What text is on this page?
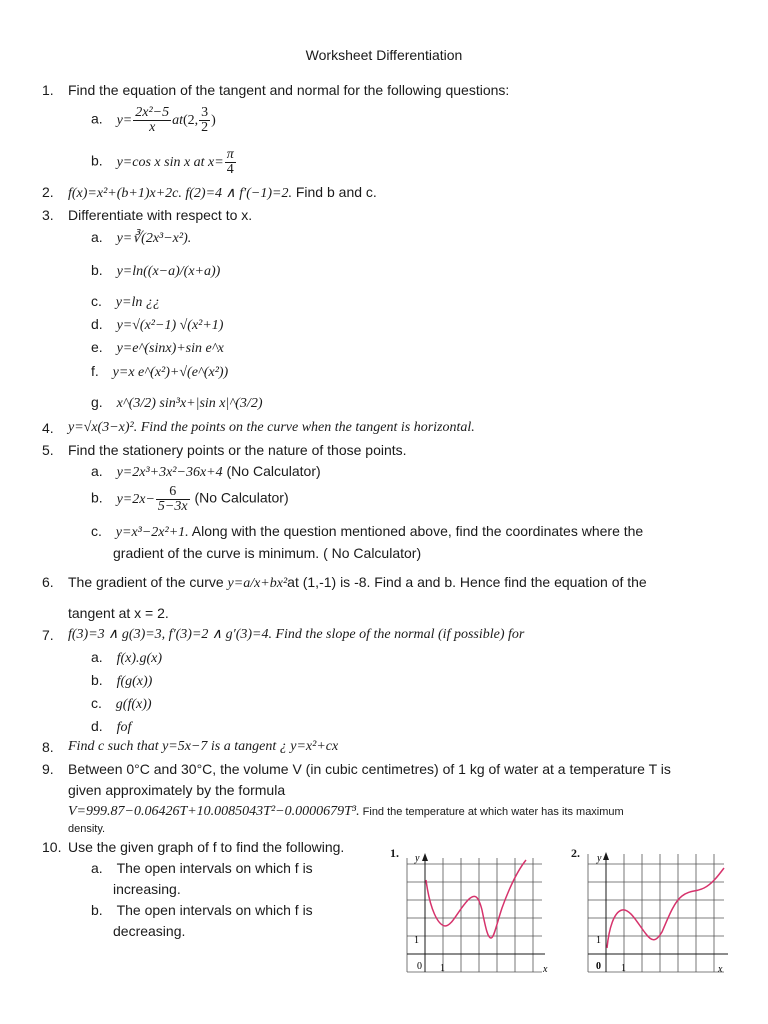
Worksheet Differentiation
1. Find the equation of the tangent and normal for the following questions:
a. $y= \frac{\text{2x²−5}}{x} at(2$, $\frac{3}{2}$ )
b. y=cos x sin x at $x= \frac{\pi}{4}$
2. f(x)=x²+(b+1)x+2c. f(2)=4 ∧ f′(−1)=2. Find b and c.
3. Differentiate with respect to x.
a. y=∛(2x³−x²).
b. y=ln((x−a)/(x+a))
c. y=ln ¿¿
d. y=√(x²−1) √(x²+1)
e. y=e^(sinx)+sin e^x
f. y=x e^(x²)+√(e^(x²))
g. x^(3/2) sin³x+|sin x|^(3/2)
4. y=√x(3−x)². Find the points on the curve when the tangent is horizontal.
5. Find the stationery points or the nature of those points.
a. y=2x³+3x²−36x+4 (No Calculator)
b. $y=2x- \frac{6}{5-3x} (No$ Calculator)
c. y=x³−2x²+1. Along with the question mentioned above, find the coordinates where the
gradient of the curve is minimum. ( No Calculator)
6. The gradient of the curve y=a/x+bx²at (1,-1) is -8. Find a and b. Hence find the equation of the
tangent at x = 2.
7. f(3)=3 ∧ g(3)=3, f′(3)=2 ∧ g′(3)=4. Find the slope of the normal (if possible) for
a. f(x).g(x)
b. f(g(x))
c. g(f(x))
d. fof
8. Find c such that y=5x−7 is a tangent ¿ y=x²+cx
9. Between 0°C and 30°C, the volume V (in cubic centimetres) of 1 kg of water at a temperature T is
given approximately by the formula
V=999.87−0.06426T+10.0085043T²−0.0000679T³. Find the temperature at which water has its maximum
density.
10. Use the given graph of f to find the following.
a. The open intervals on which f is
increasing.
b. The open intervals on which f is
decreasing.
1. y
x
0 1
1
2. y
x
0 1
1
